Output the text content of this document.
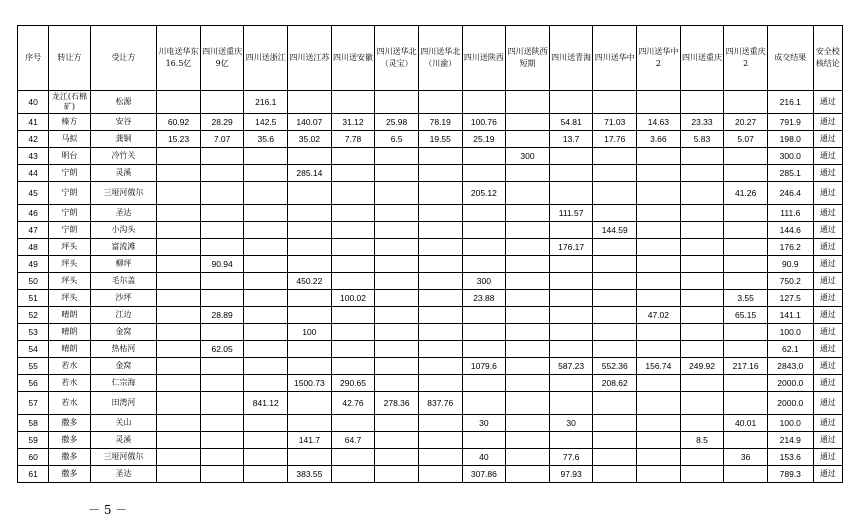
序号	转让方	受让方	川电送华东16.5亿	四川送重庆9亿	四川送浙江	四川送江苏	四川送安徽	四川送华北（灵宝）	四川送华北（川渝）	四川送陕西	四川送陕西短期	四川送青海	四川送华中	四川送华中2	四川送重庆	四川送重庆2	成交结果	安全校核结论
40	龙江(石棉矿)	松源			216.1												216.1	通过
41	榛方	安谷	60.92	28.29	142.5	140.07	31.12	25.98	78.19	100.76		54.81	71.03	14.63	23.33	20.27	791.9	通过
42	马拟	龚铜	15.23	7.07	35.6	35.02	7.78	6.5	19.55	25.19		13.7	17.76	3.66	5.83	5.07	198.0	通过
43	明台	冷竹关									300						300.0	通过
44	宁朗	灵溪				285.14											285.1	通过
45	宁朗	三垭河俄尔								205.12						41.26	246.4	通过
46	宁朗	圣达										111.57					111.6	通过
47	宁朗	小沟头											144.59				144.6	通过
48	坪头	富流滩										176.17					176.2	通过
49	坪头	柳坪		90.94													90.9	通过
50	坪头	毛尔盖				450.22				300							750.2	通过
51	坪头	沙坪					100.02			23.88						3.55	127.5	通过
52	晴朗	江边		28.89										47.02		65.15	141.1	通过
53	晴朗	金窝				100											100.0	通过
54	晴朗	热枯河		62.05													62.1	通过
55	若水	金窝								1079.6		587.23	552.36	156.74	249.92	217.16	2843.0	通过
56	若水	仁宗海				1500.73	290.65						208.62				2000.0	通过
57	若水	田湾河			841.12		42.76	278.36	837.76								2000.0	通过
58	撒多	关山								30		30				40.01	100.0	通过
59	撒多	灵溪				141.7	64.7								8.5		214.9	通过
60	撒多	三垭河俄尔								40		77.6				36	153.6	通过
61	撒多	圣达				383.55				307.86		97.93					789.3	通过
－ 5 －
